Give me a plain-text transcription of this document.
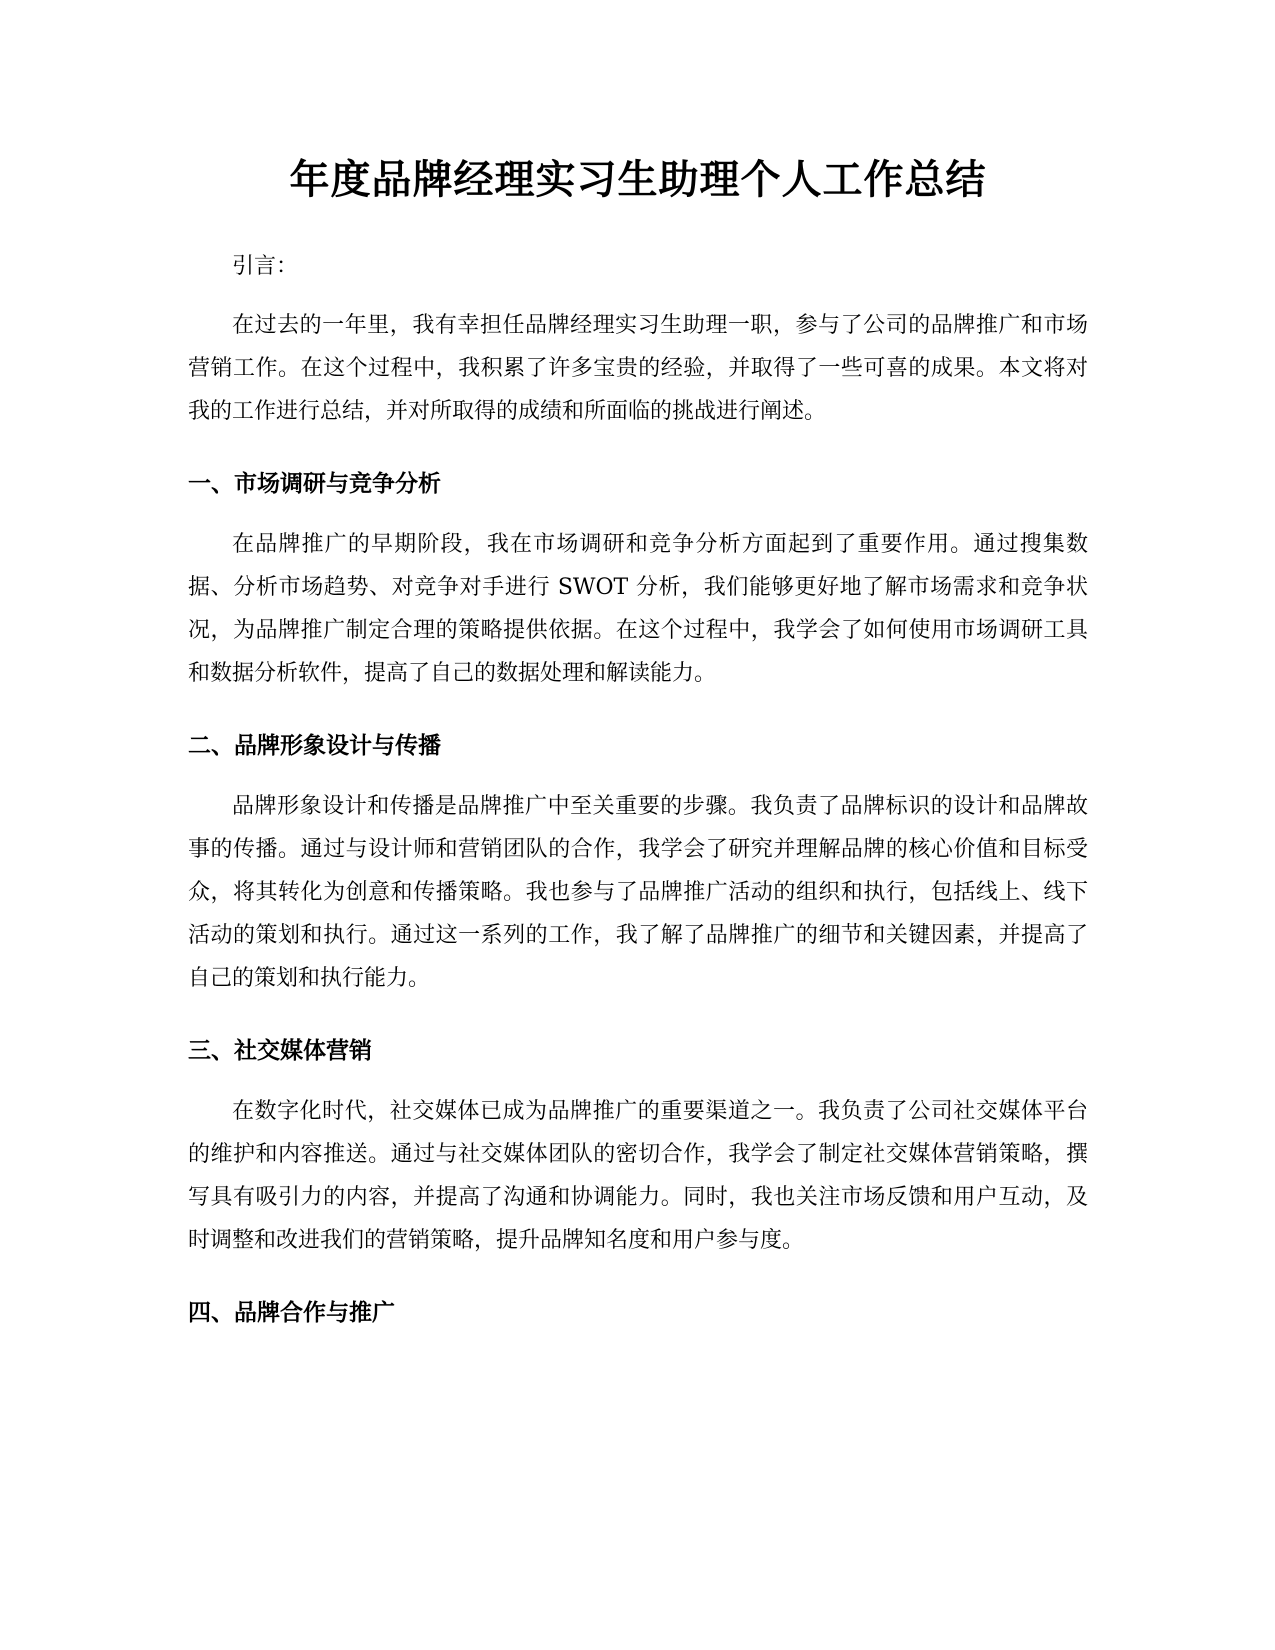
年度品牌经理实习生助理个人工作总结

引言：

在过去的一年里，我有幸担任品牌经理实习生助理一职，参与了公司的品牌推广和市场营销工作。在这个过程中，我积累了许多宝贵的经验，并取得了一些可喜的成果。本文将对我的工作进行总结，并对所取得的成绩和所面临的挑战进行阐述。

一、市场调研与竞争分析

在品牌推广的早期阶段，我在市场调研和竞争分析方面起到了重要作用。通过搜集数据、分析市场趋势、对竞争对手进行 SWOT 分析，我们能够更好地了解市场需求和竞争状况，为品牌推广制定合理的策略提供依据。在这个过程中，我学会了如何使用市场调研工具和数据分析软件，提高了自己的数据处理和解读能力。

二、品牌形象设计与传播

品牌形象设计和传播是品牌推广中至关重要的步骤。我负责了品牌标识的设计和品牌故事的传播。通过与设计师和营销团队的合作，我学会了研究并理解品牌的核心价值和目标受众，将其转化为创意和传播策略。我也参与了品牌推广活动的组织和执行，包括线上、线下活动的策划和执行。通过这一系列的工作，我了解了品牌推广的细节和关键因素，并提高了自己的策划和执行能力。

三、社交媒体营销

在数字化时代，社交媒体已成为品牌推广的重要渠道之一。我负责了公司社交媒体平台的维护和内容推送。通过与社交媒体团队的密切合作，我学会了制定社交媒体营销策略，撰写具有吸引力的内容，并提高了沟通和协调能力。同时，我也关注市场反馈和用户互动，及时调整和改进我们的营销策略，提升品牌知名度和用户参与度。

四、品牌合作与推广
